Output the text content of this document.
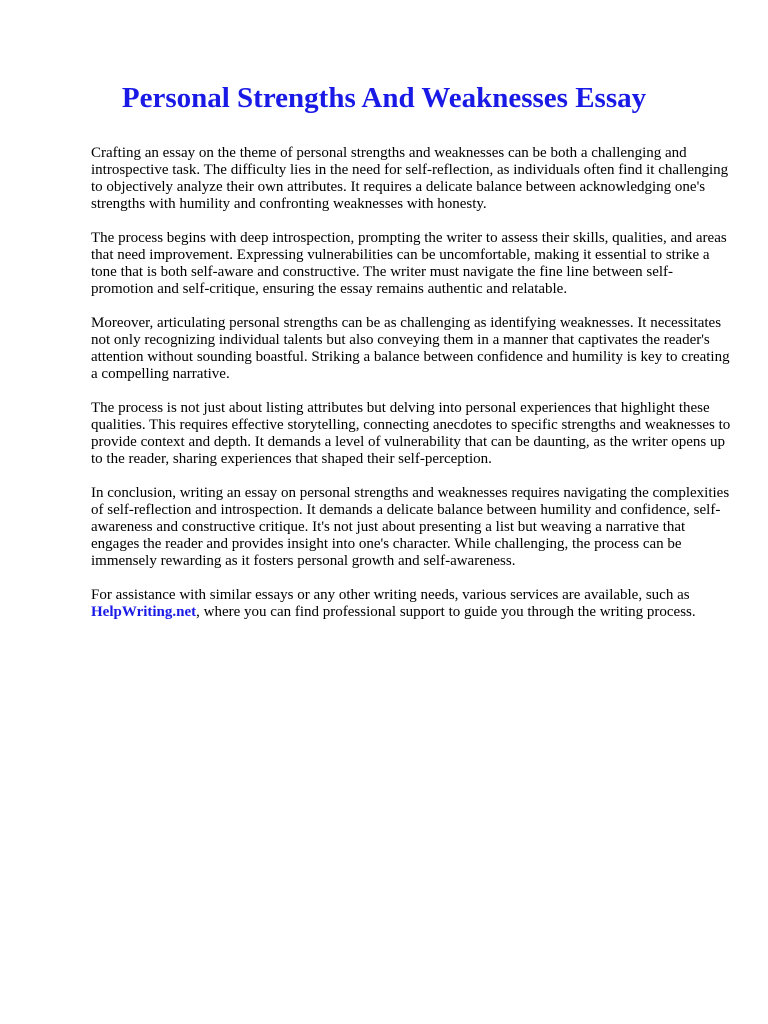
Personal Strengths And Weaknesses Essay

Crafting an essay on the theme of personal strengths and weaknesses can be both a challenging and introspective task. The difficulty lies in the need for self-reflection, as individuals often find it challenging to objectively analyze their own attributes. It requires a delicate balance between acknowledging one's strengths with humility and confronting weaknesses with honesty.

The process begins with deep introspection, prompting the writer to assess their skills, qualities, and areas that need improvement. Expressing vulnerabilities can be uncomfortable, making it essential to strike a tone that is both self-aware and constructive. The writer must navigate the fine line between self-promotion and self-critique, ensuring the essay remains authentic and relatable.

Moreover, articulating personal strengths can be as challenging as identifying weaknesses. It necessitates not only recognizing individual talents but also conveying them in a manner that captivates the reader's attention without sounding boastful. Striking a balance between confidence and humility is key to creating a compelling narrative.

The process is not just about listing attributes but delving into personal experiences that highlight these qualities. This requires effective storytelling, connecting anecdotes to specific strengths and weaknesses to provide context and depth. It demands a level of vulnerability that can be daunting, as the writer opens up to the reader, sharing experiences that shaped their self-perception.

In conclusion, writing an essay on personal strengths and weaknesses requires navigating the complexities of self-reflection and introspection. It demands a delicate balance between humility and confidence, self-awareness and constructive critique. It's not just about presenting a list but weaving a narrative that engages the reader and provides insight into one's character. While challenging, the process can be immensely rewarding as it fosters personal growth and self-awareness.

For assistance with similar essays or any other writing needs, various services are available, such as HelpWriting.net, where you can find professional support to guide you through the writing process.
